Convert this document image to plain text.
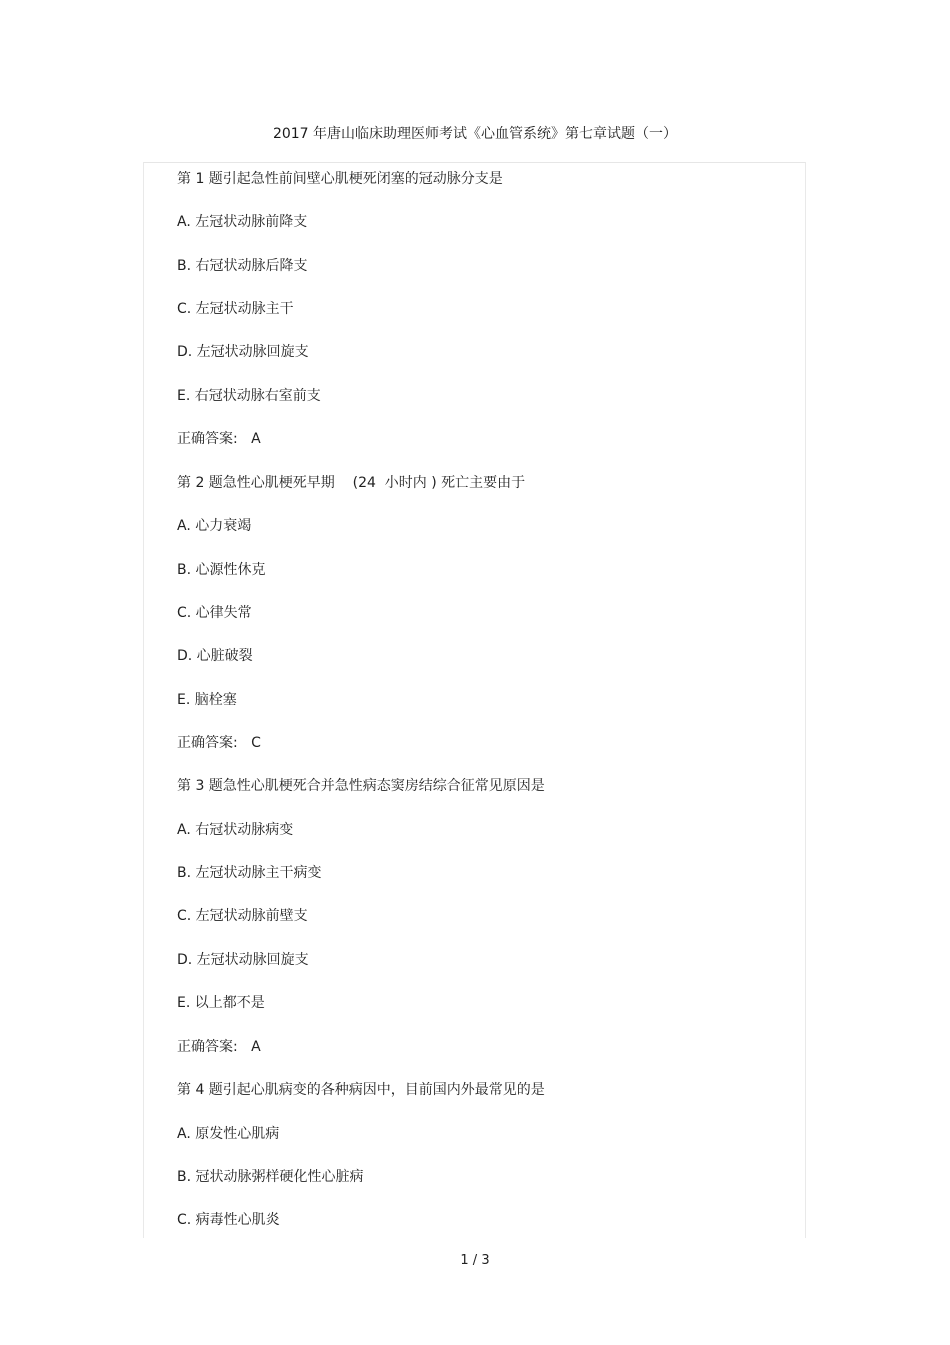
2017 年唐山临床助理医师考试《心血管系统》第七章试题（一）
第 1 题引起急性前间壁心肌梗死闭塞的冠动脉分支是
A. 左冠状动脉前降支
B. 右冠状动脉后降支
C. 左冠状动脉主干
D. 左冠状动脉回旋支
E. 右冠状动脉右室前支
正确答案:   A
第 2 题急性心肌梗死早期    (24  小时内 ) 死亡主要由于
A. 心力衰竭
B. 心源性休克
C. 心律失常
D. 心脏破裂
E. 脑栓塞
正确答案:   C
第 3 题急性心肌梗死合并急性病态窦房结综合征常见原因是
A. 右冠状动脉病变
B. 左冠状动脉主干病变
C. 左冠状动脉前壁支
D. 左冠状动脉回旋支
E. 以上都不是
正确答案:   A
第 4 题引起心肌病变的各种病因中，目前国内外最常见的是
A. 原发性心肌病
B. 冠状动脉粥样硬化性心脏病
C. 病毒性心肌炎
1 / 3
